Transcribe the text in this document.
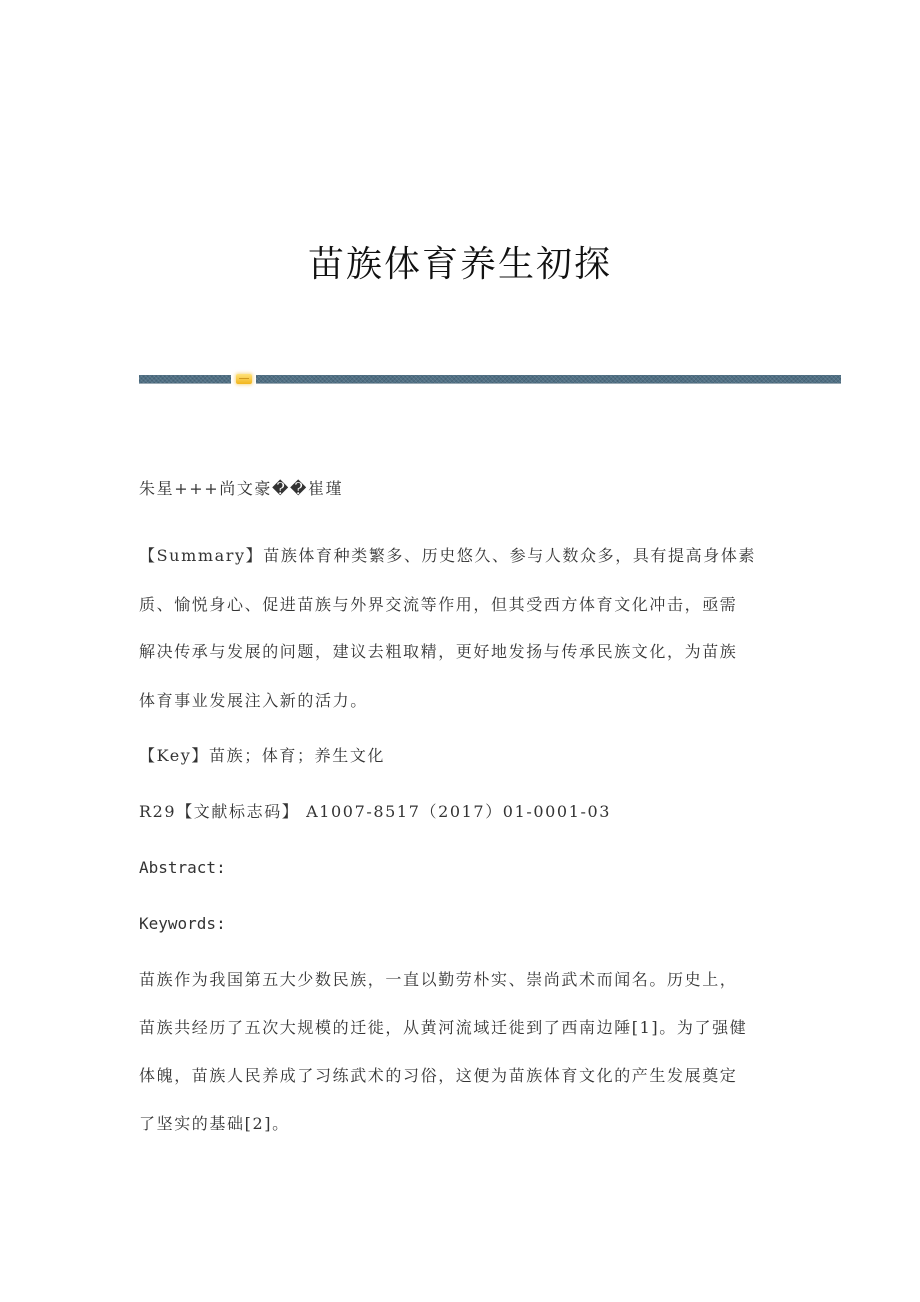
苗族体育养生初探
朱星+++尚文豪��崔瑾
【Summary】苗族体育种类繁多、历史悠久、参与人数众多，具有提高身体素
质、愉悦身心、促进苗族与外界交流等作用，但其受西方体育文化冲击，亟需
解决传承与发展的问题，建议去粗取精，更好地发扬与传承民族文化，为苗族
体育事业发展注入新的活力。
【Key】苗族；体育；养生文化
R29【文献标志码】 A1007-8517（2017）01-0001-03
Abstract:
Keywords:
苗族作为我国第五大少数民族，一直以勤劳朴实、崇尚武术而闻名。历史上，
苗族共经历了五次大规模的迁徙，从黄河流域迁徙到了西南边陲[1]。为了强健
体魄，苗族人民养成了习练武术的习俗，这便为苗族体育文化的产生发展奠定
了坚实的基础[2]。
